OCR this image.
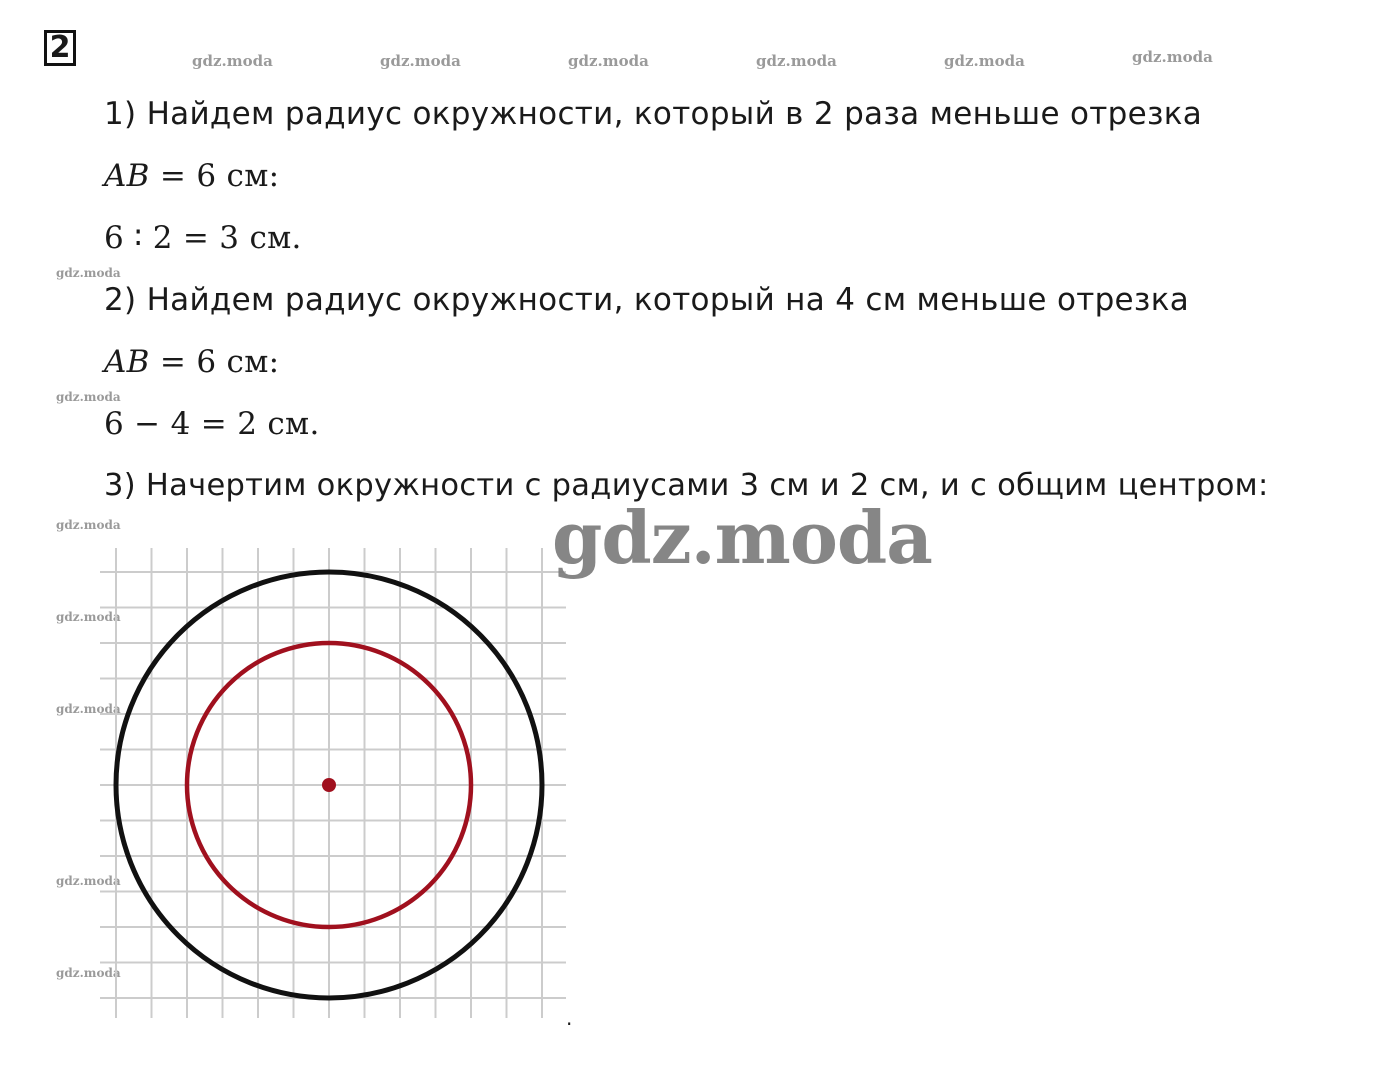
2	gdz.moda	gdz.moda	gdz.moda	gdz.moda	gdz.moda	gdz.moda
gdz.moda
gdz.moda
gdz.moda
gdz.moda
gdz.moda
gdz.moda
gdz.moda
1) Найдем радиус окружности, который в 2 раза меньше отрезка
AB = 6 см:
6 ∶ 2 = 3 см.
2) Найдем радиус окружности, который на 4 см меньше отрезка
AB = 6 см:
6 − 4 = 2 см.
3) Начертим окружности с радиусами 3 см и 2 см, и с общим центром:
.
gdz.moda
